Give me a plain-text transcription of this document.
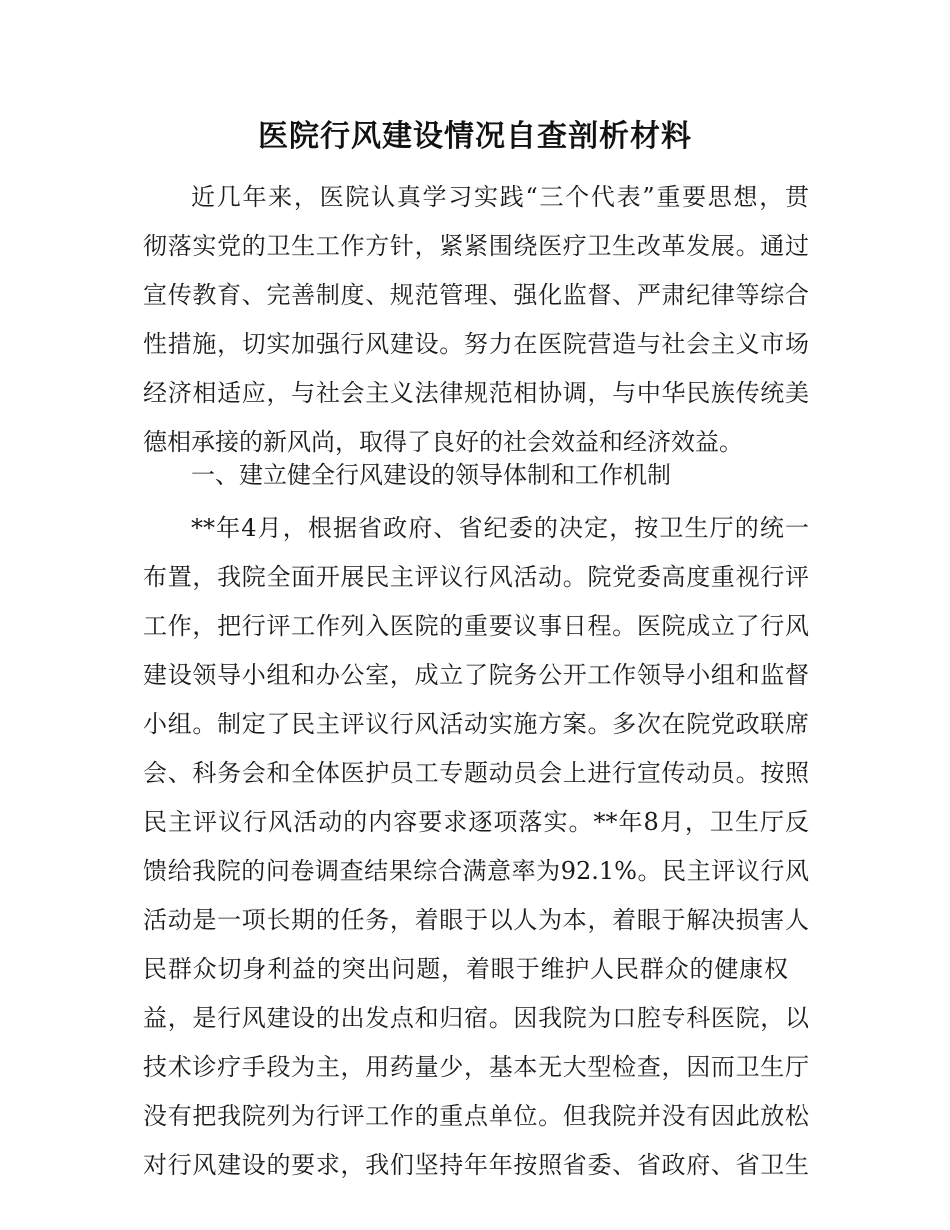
医院行风建设情况自查剖析材料
近几年来，医院认真学习实践“三个代表”重要思想，贯
彻落实党的卫生工作方针，紧紧围绕医疗卫生改革发展。通过
宣传教育、完善制度、规范管理、强化监督、严肃纪律等综合
性措施，切实加强行风建设。努力在医院营造与社会主义市场
经济相适应，与社会主义法律规范相协调，与中华民族传统美
德相承接的新风尚，取得了良好的社会效益和经济效益。
一、建立健全行风建设的领导体制和工作机制
**年4月，根据省政府、省纪委的决定，按卫生厅的统一
布置，我院全面开展民主评议行风活动。院党委高度重视行评
工作，把行评工作列入医院的重要议事日程。医院成立了行风
建设领导小组和办公室，成立了院务公开工作领导小组和监督
小组。制定了民主评议行风活动实施方案。多次在院党政联席
会、科务会和全体医护员工专题动员会上进行宣传动员。按照
民主评议行风活动的内容要求逐项落实。**年8月，卫生厅反
馈给我院的问卷调查结果综合满意率为92.1%。民主评议行风
活动是一项长期的任务，着眼于以人为本，着眼于解决损害人
民群众切身利益的突出问题，着眼于维护人民群众的健康权
益，是行风建设的出发点和归宿。因我院为口腔专科医院，以
技术诊疗手段为主，用药量少，基本无大型检查，因而卫生厅
没有把我院列为行评工作的重点单位。但我院并没有因此放松
对行风建设的要求，我们坚持年年按照省委、省政府、省卫生
